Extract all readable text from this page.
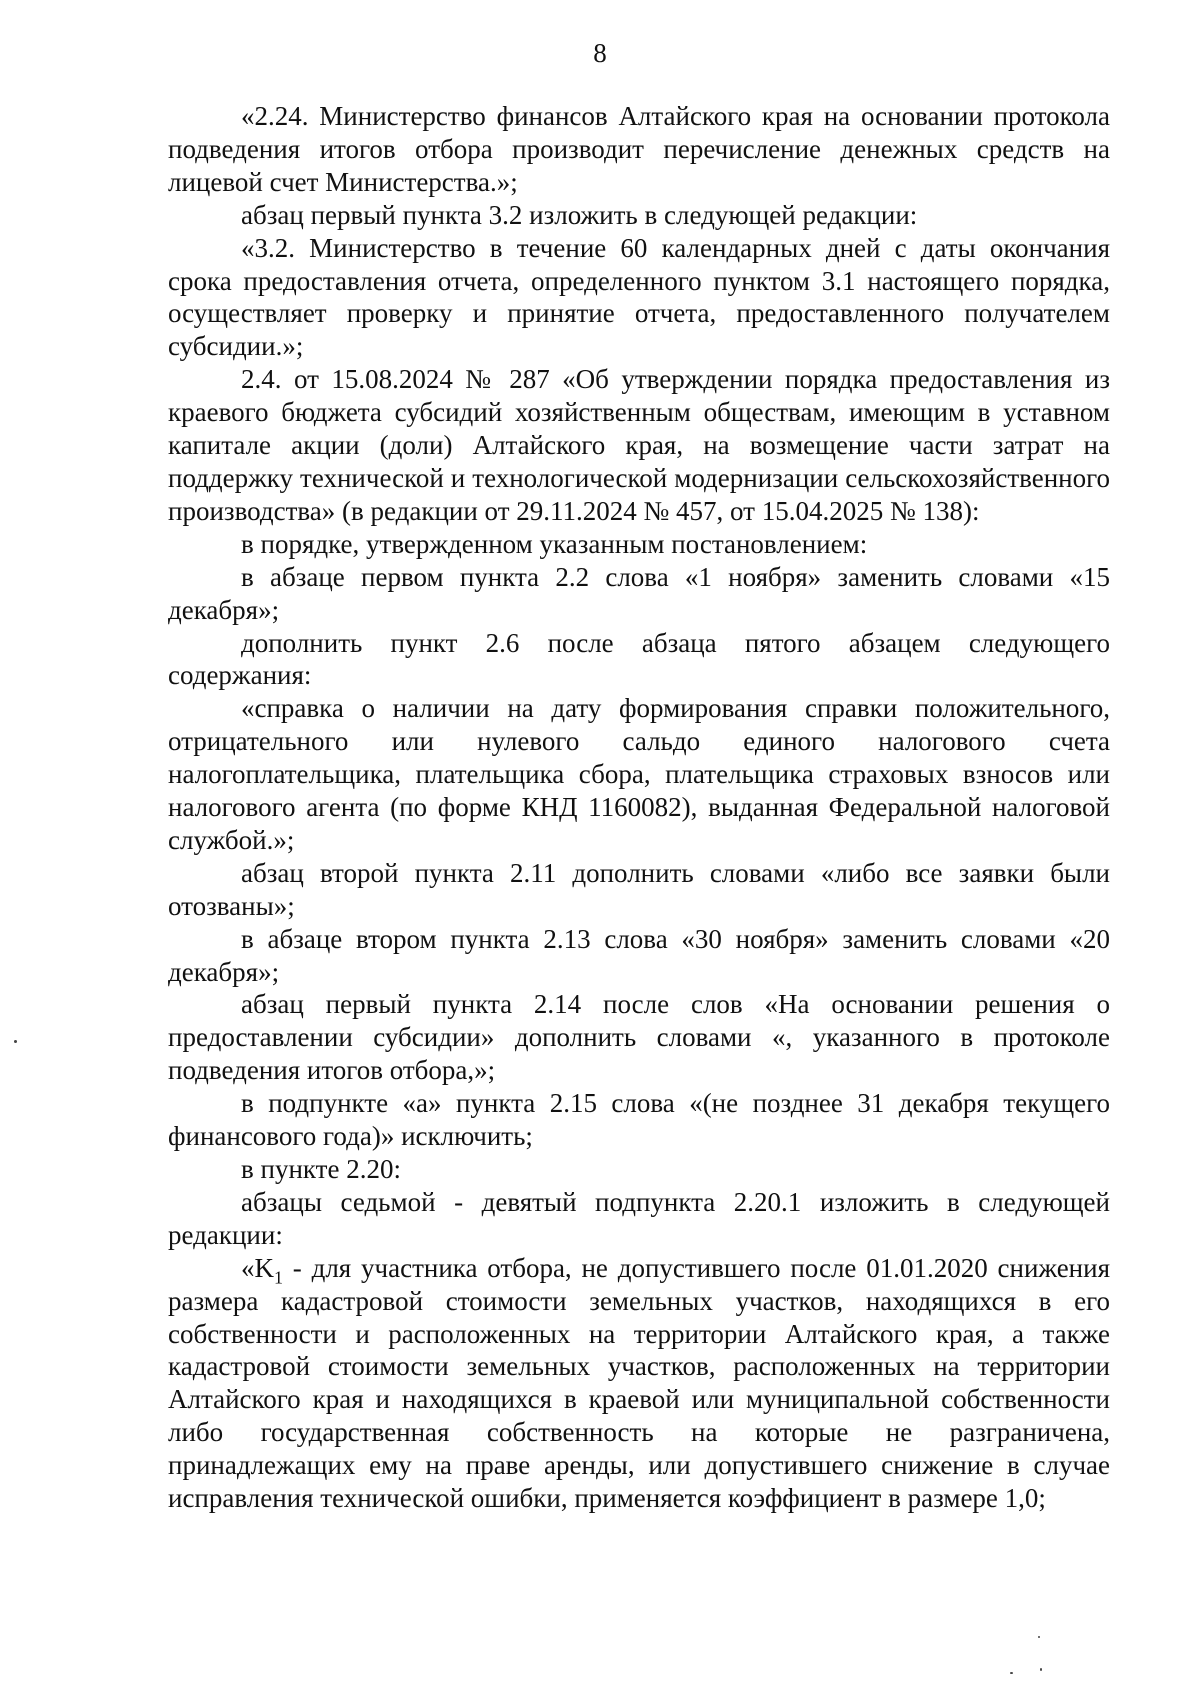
8

«2.24. Министерство финансов Алтайского края на основании протокола подведения итогов отбора производит перечисление денежных средств на лицевой счет Министерства.»;

абзац первый пункта 3.2 изложить в следующей редакции:

«3.2. Министерство в течение 60 календарных дней с даты окончания срока предоставления отчета, определенного пунктом 3.1 настоящего порядка, осуществляет проверку и принятие отчета, предоставленного получателем субсидии.»;

2.4. от 15.08.2024 № 287 «Об утверждении порядка предоставления из краевого бюджета субсидий хозяйственным обществам, имеющим в уставном капитале акции (доли) Алтайского края, на возмещение части затрат на поддержку технической и технологической модернизации сельскохозяйственного производства» (в редакции от 29.11.2024 № 457, от 15.04.2025 № 138):

в порядке, утвержденном указанным постановлением:

в абзаце первом пункта 2.2 слова «1 ноября» заменить словами «15 декабря»;

дополнить пункт 2.6 после абзаца пятого абзацем следующего содержания:

«справка о наличии на дату формирования справки положительного, отрицательного или нулевого сальдо единого налогового счета налогоплательщика, плательщика сбора, плательщика страховых взносов или налогового агента (по форме КНД 1160082), выданная Федеральной налоговой службой.»;

абзац второй пункта 2.11 дополнить словами «либо все заявки были отозваны»;

в абзаце втором пункта 2.13 слова «30 ноября» заменить словами «20 декабря»;

абзац первый пункта 2.14 после слов «На основании решения о предоставлении субсидии» дополнить словами «, указанного в протоколе подведения итогов отбора,»;

в подпункте «а» пункта 2.15 слова «(не позднее 31 декабря текущего финансового года)» исключить;

в пункте 2.20:

абзацы седьмой - девятый подпункта 2.20.1 изложить в следующей редакции:

«$K_1$ - для участника отбора, не допустившего после 01.01.2020 снижения размера кадастровой стоимости земельных участков, находящихся в его собственности и расположенных на территории Алтайского края, а также кадастровой стоимости земельных участков, расположенных на территории Алтайского края и находящихся в краевой или муниципальной собственности либо государственная собственность на которые не разграничена, принадлежащих ему на праве аренды, или допустившего снижение в случае исправления технической ошибки, применяется коэффициент в размере 1,0;
